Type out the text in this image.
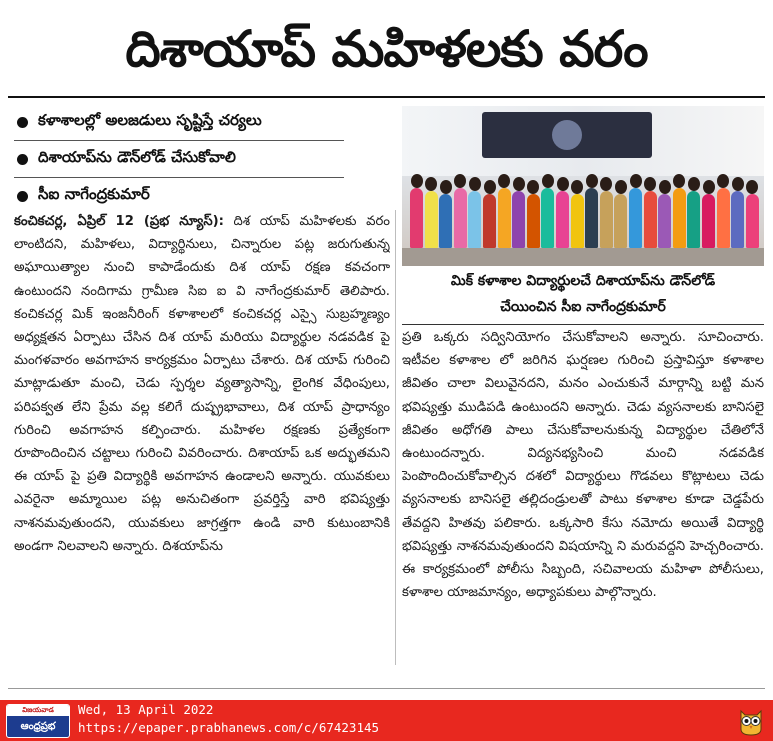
దిశాయాప్ మహిళలకు వరం
కళాశాలల్లో అలజడులు సృష్టిస్తే చర్యలు
దిశాయాప్‌ను డౌన్‌లోడ్ చేసుకోవాలి
సీఐ నాగేంద్రకుమార్
మిక్ కళాశాల విద్యార్థులచే దిశాయాప్‌ను డౌన్‌లోడ్
చేయించిన సీఐ నాగేంద్రకుమార్
కంచికచర్ల, ఏప్రిల్ 12 (ప్రభ న్యూస్): దిశ యాప్ మహిళలకు వరం లాంటిదని, మహిళలు, విద్యార్థినులు, చిన్నారుల పట్ల జరుగుతున్న అఘాయిత్యాల నుంచి కాపాడేందుకు దిశ యాప్ రక్షణ కవచంగా ఉంటుందని నందిగామ గ్రామీణ సిఐ ఐ వి నాగేంద్రకుమార్ తెలిపారు. కంచికచర్ల మిక్ ఇంజనీరింగ్ కళాశాలలో కంచికచర్ల ఎస్సై సుబ్రహ్మణ్యం అధ్యక్షతన ఏర్పాటు చేసిన దిశ యాప్ మరియు విద్యార్థుల నడవడిక పై మంగళవారం అవగాహన కార్యక్రమం ఏర్పాటు చేశారు. దిశ యాప్ గురించి మాట్లాడుతూ మంచి, చెడు స్పర్శల వ్యత్యాసాన్ని, లైంగిక వేధింపులు, పరిపక్వత లేని ప్రేమ వల్ల కలిగే దుష్ప్రభావాలు, దిశ యాప్ ప్రాధాన్యం గురించి అవగాహన కల్పించారు. మహిళల రక్షణకు ప్రత్యేకంగా రూపొందించిన చట్టాలు గురించి వివరించారు. దిశాయాప్ ఒక అద్భుతమని ఈ యాప్ పై ప్రతి విద్యార్థికి అవగాహన ఉండాలని అన్నారు. యువకులు ఎవరైనా అమ్మాయిల పట్ల అనుచితంగా ప్రవర్తిస్తే వారి భవిష్యత్తు నాశనమవుతుందని, యువకులు జాగ్రత్తగా ఉండి వారి కుటుంబానికి అండగా నిలవాలని అన్నారు. దిశయాప్‌ను
ప్రతి ఒక్కరు సద్వినియోగం చేసుకోవాలని అన్నారు. సూచించారు. ఇటీవల కళాశాల లో జరిగిన ఘర్షణల గురించి ప్రస్తావిస్తూ కళాశాల జీవితం చాలా విలువైనదని, మనం ఎంచుకునే మార్గాన్ని బట్టి మన భవిష్యత్తు ముడిపడి ఉంటుందని అన్నారు. చెడు వ్యసనాలకు బానిసలై జీవితం అధోగతి పాలు చేసుకోవాలనుకున్న విద్యార్థుల చేతిలోనే ఉంటుందన్నారు. విద్యనభ్యసించి మంచి నడవడిక పెంపొందించుకోవాల్సిన దశలో విద్యార్థులు గొడవలు కొట్లాటలు చెడు వ్యసనాలకు బానిసలై తల్లిదండ్రులతో పాటు కళాశాల కూడా చెడ్డపేరు తేవద్దని హితవు పలికారు. ఒక్కసారి కేసు నమోదు అయితే విద్యార్థి భవిష్యత్తు నాశనమవుతుందని విషయాన్ని ని మరువద్దని హెచ్చరించారు. ఈ కార్యక్రమంలో పోలీసు సిబ్బంది, సచివాలయ మహిళా పోలీసులు, కళాశాల యాజమాన్యం, అధ్యాపకులు పాల్గొన్నారు.
విజయవాడ
ఆంధ్రప్రభ
Wed, 13 April 2022
https://epaper.prabhanews.com/c/67423145
